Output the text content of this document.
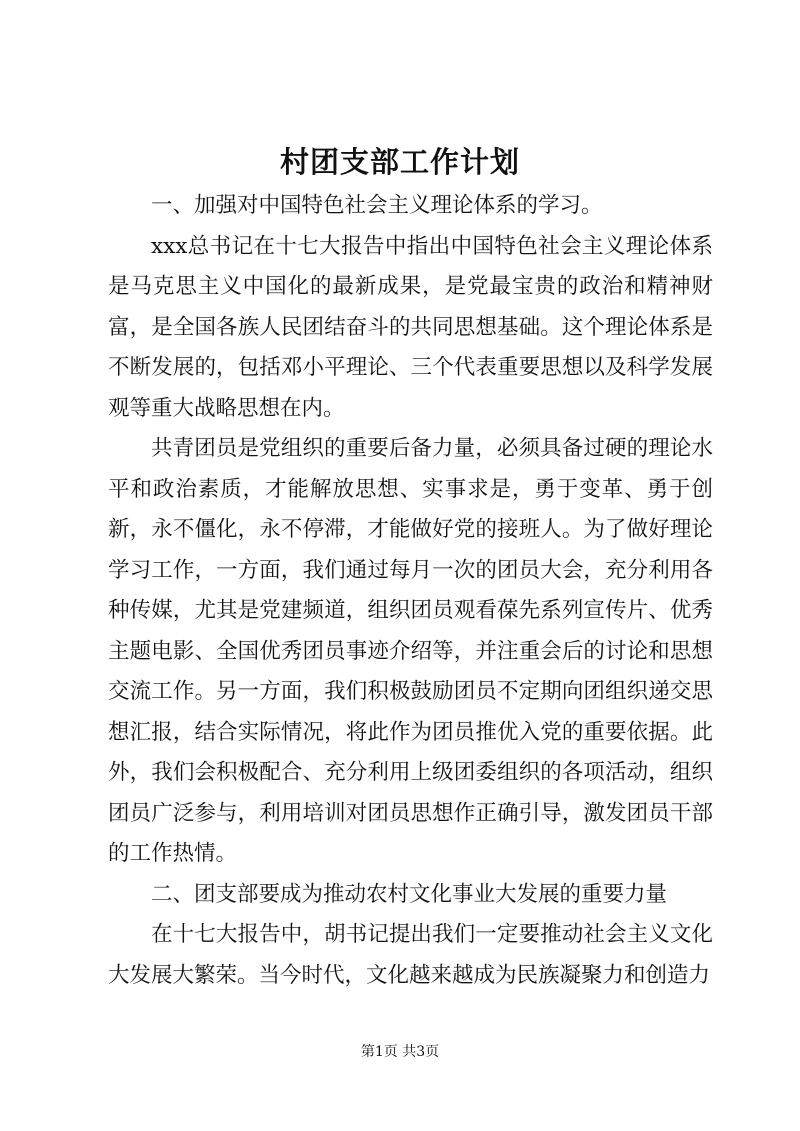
村团支部工作计划

一、加强对中国特色社会主义理论体系的学习。

xxx总书记在十七大报告中指出中国特色社会主义理论体系是马克思主义中国化的最新成果，是党最宝贵的政治和精神财富，是全国各族人民团结奋斗的共同思想基础。这个理论体系是不断发展的，包括邓小平理论、三个代表重要思想以及科学发展观等重大战略思想在内。

共青团员是党组织的重要后备力量，必须具备过硬的理论水平和政治素质，才能解放思想、实事求是，勇于变革、勇于创新，永不僵化，永不停滞，才能做好党的接班人。为了做好理论学习工作，一方面，我们通过每月一次的团员大会，充分利用各种传媒，尤其是党建频道，组织团员观看葆先系列宣传片、优秀主题电影、全国优秀团员事迹介绍等，并注重会后的讨论和思想交流工作。另一方面，我们积极鼓励团员不定期向团组织递交思想汇报，结合实际情况，将此作为团员推优入党的重要依据。此外，我们会积极配合、充分利用上级团委组织的各项活动，组织团员广泛参与，利用培训对团员思想作正确引导，激发团员干部的工作热情。

二、团支部要成为推动农村文化事业大发展的重要力量

在十七大报告中，胡书记提出我们一定要推动社会主义文化大发展大繁荣。当今时代，文化越来越成为民族凝聚力和创造力

第1页 共3页
